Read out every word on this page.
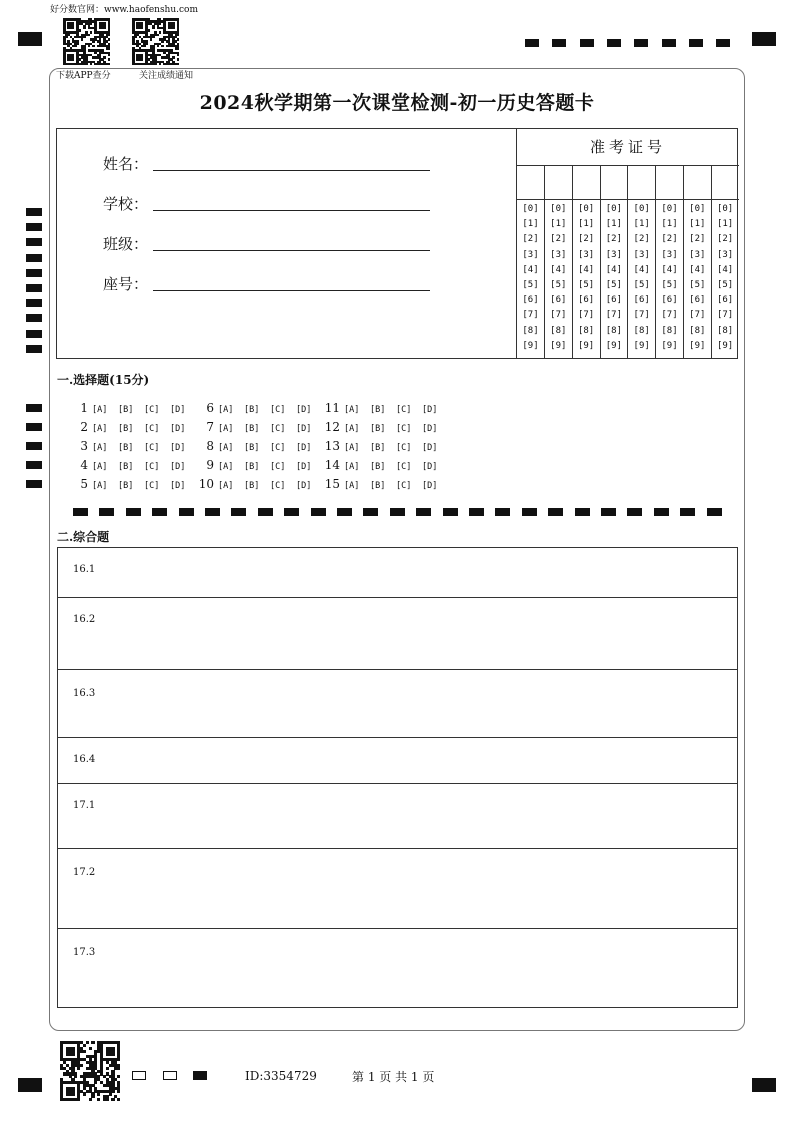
好分数官网：www.haofenshu.com
下载APP查分	关注成绩通知
2024秋学期第一次课堂检测-初一历史答题卡
姓名：
学校：
班级：
座号：
准考证号
[0]
[1]
[2]
[3]
[4]
[5]
[6]
[7]
[8]
[9]
[0]
[1]
[2]
[3]
[4]
[5]
[6]
[7]
[8]
[9]
[0]
[1]
[2]
[3]
[4]
[5]
[6]
[7]
[8]
[9]
[0]
[1]
[2]
[3]
[4]
[5]
[6]
[7]
[8]
[9]
[0]
[1]
[2]
[3]
[4]
[5]
[6]
[7]
[8]
[9]
[0]
[1]
[2]
[3]
[4]
[5]
[6]
[7]
[8]
[9]
[0]
[1]
[2]
[3]
[4]
[5]
[6]
[7]
[8]
[9]
[0]
[1]
[2]
[3]
[4]
[5]
[6]
[7]
[8]
[9]
一.选择题(15分)
1 [A] [B] [C] [D]
2 [A] [B] [C] [D]
3 [A] [B] [C] [D]
4 [A] [B] [C] [D]
5 [A] [B] [C] [D]
6 [A] [B] [C] [D]
7 [A] [B] [C] [D]
8 [A] [B] [C] [D]
9 [A] [B] [C] [D]
10 [A] [B] [C] [D]
11 [A] [B] [C] [D]
12 [A] [B] [C] [D]
13 [A] [B] [C] [D]
14 [A] [B] [C] [D]
15 [A] [B] [C] [D]
二.综合题
16.1
16.2
16.3
16.4
17.1
17.2
17.3
ID:3354729	第 1 页 共 1 页
